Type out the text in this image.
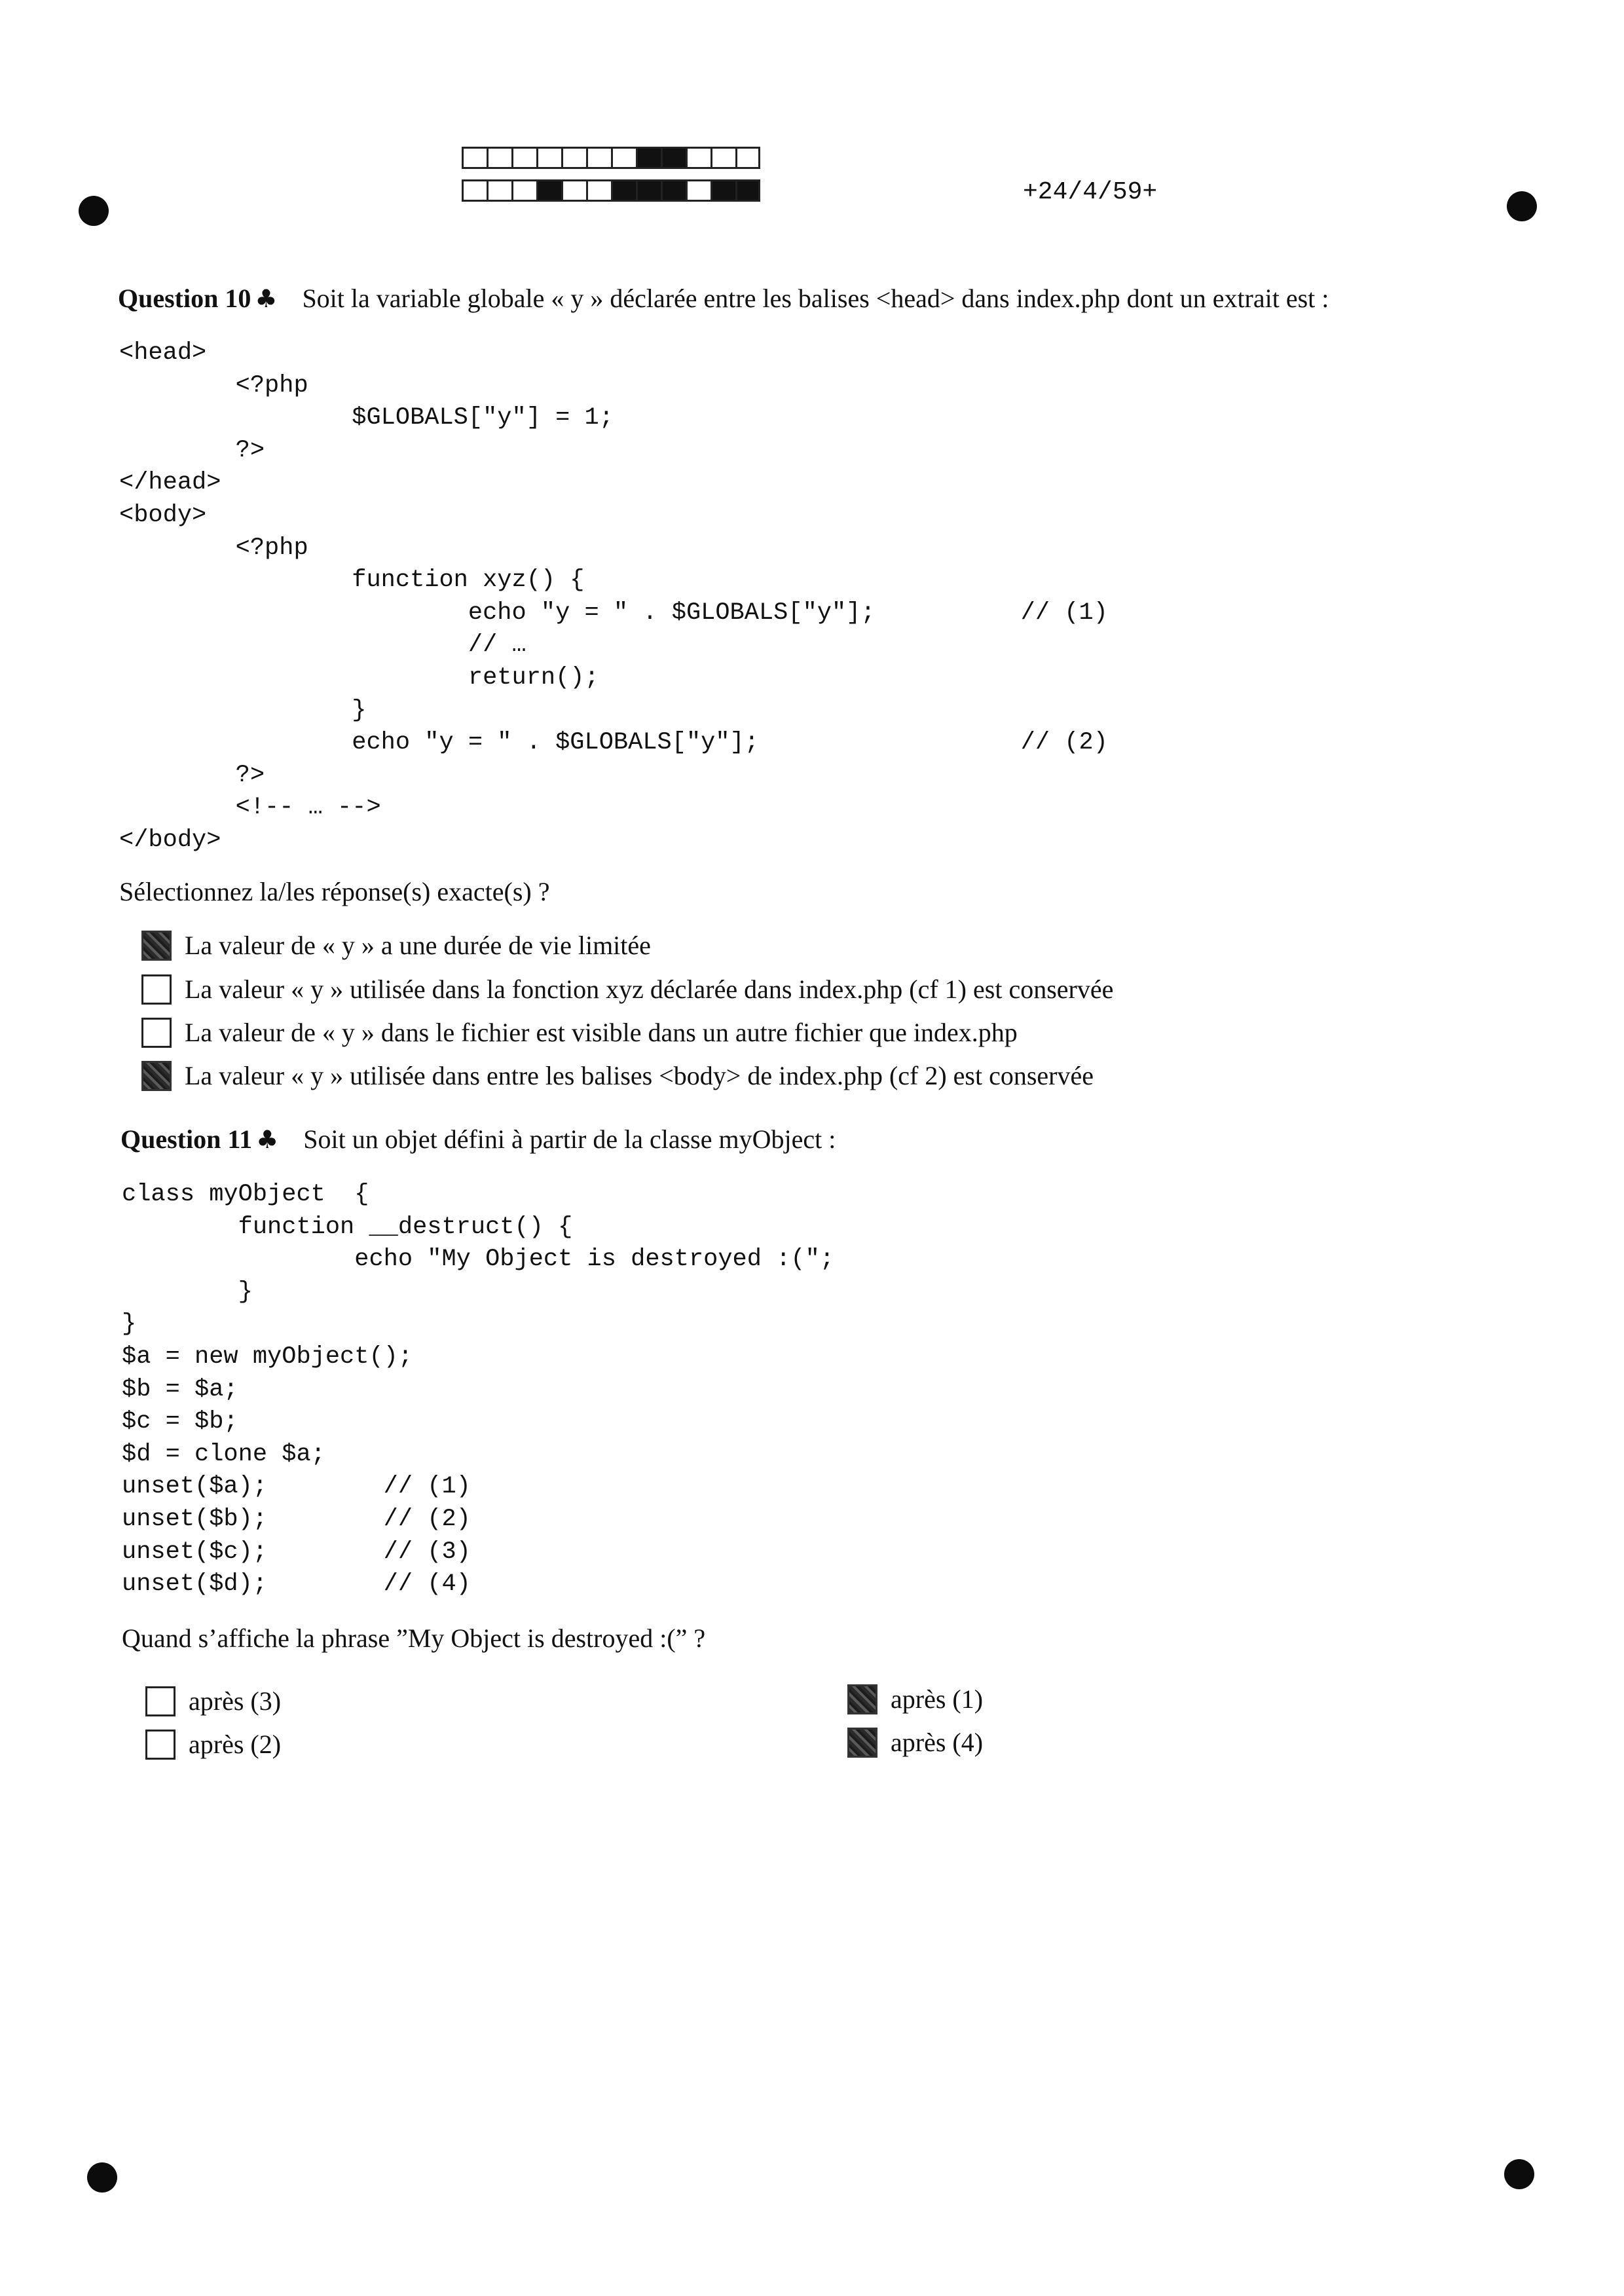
+24/4/59+
Question 10 ♣ Soit la variable globale « y » déclarée entre les balises <head> dans index.php dont un extrait est :
<head>
<?php
$GLOBALS["y"] = 1;
?>
</head>
<body>
<?php
function xyz() {
echo "y = " . $GLOBALS["y"];          // (1)
// …
return();
}
echo "y = " . $GLOBALS["y"];                  // (2)
?>
<!-- … -->
</body>
Sélectionnez la/les réponse(s) exacte(s) ?
La valeur de « y » a une durée de vie limitée
La valeur « y » utilisée dans la fonction xyz déclarée dans index.php (cf 1) est conservée
La valeur de « y » dans le fichier est visible dans un autre fichier que index.php
La valeur « y » utilisée dans entre les balises <body> de index.php (cf 2) est conservée
Question 11 ♣ Soit un objet défini à partir de la classe myObject :
class myObject  {
function __destruct() {
echo "My Object is destroyed :(";
}
}
$a = new myObject();
$b = $a;
$c = $b;
$d = clone $a;
unset($a);        // (1)
unset($b);        // (2)
unset($c);        // (3)
unset($d);        // (4)
Quand s’affiche la phrase ”My Object is destroyed :(” ?
après (3)
après (2)
après (1)
après (4)
